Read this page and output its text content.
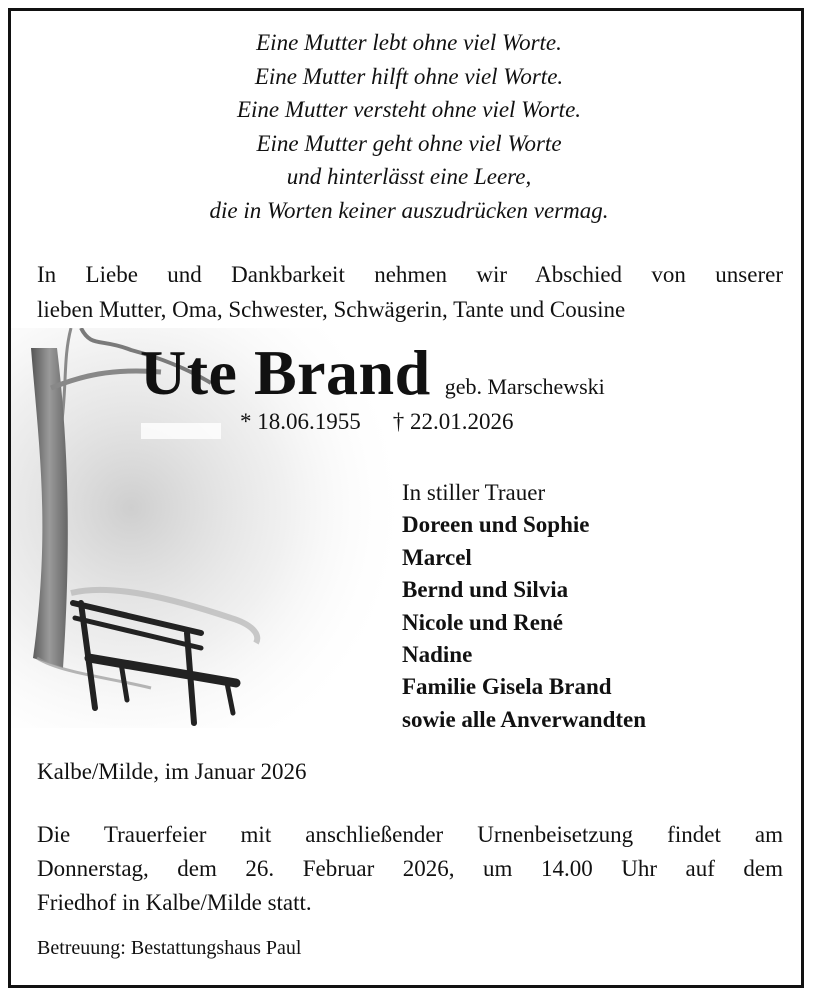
Eine Mutter lebt ohne viel Worte.
Eine Mutter hilft ohne viel Worte.
Eine Mutter versteht ohne viel Worte.
Eine Mutter geht ohne viel Worte
und hinterlässt eine Leere,
die in Worten keiner auszudrücken vermag.
In Liebe und Dankbarkeit nehmen wir Abschied von unserer
lieben Mutter, Oma, Schwester, Schwägerin, Tante und Cousine
Ute Brand geb. Marschewski
* 18.06.1955 † 22.01.2026
In stiller Trauer
Doreen und Sophie
Marcel
Bernd und Silvia
Nicole und René
Nadine
Familie Gisela Brand
sowie alle Anverwandten
Kalbe/Milde, im Januar 2026
Die Trauerfeier mit anschließender Urnenbeisetzung findet am
Donnerstag, dem 26. Februar 2026, um 14.00 Uhr auf dem
Friedhof in Kalbe/Milde statt.
Betreuung: Bestattungshaus Paul
